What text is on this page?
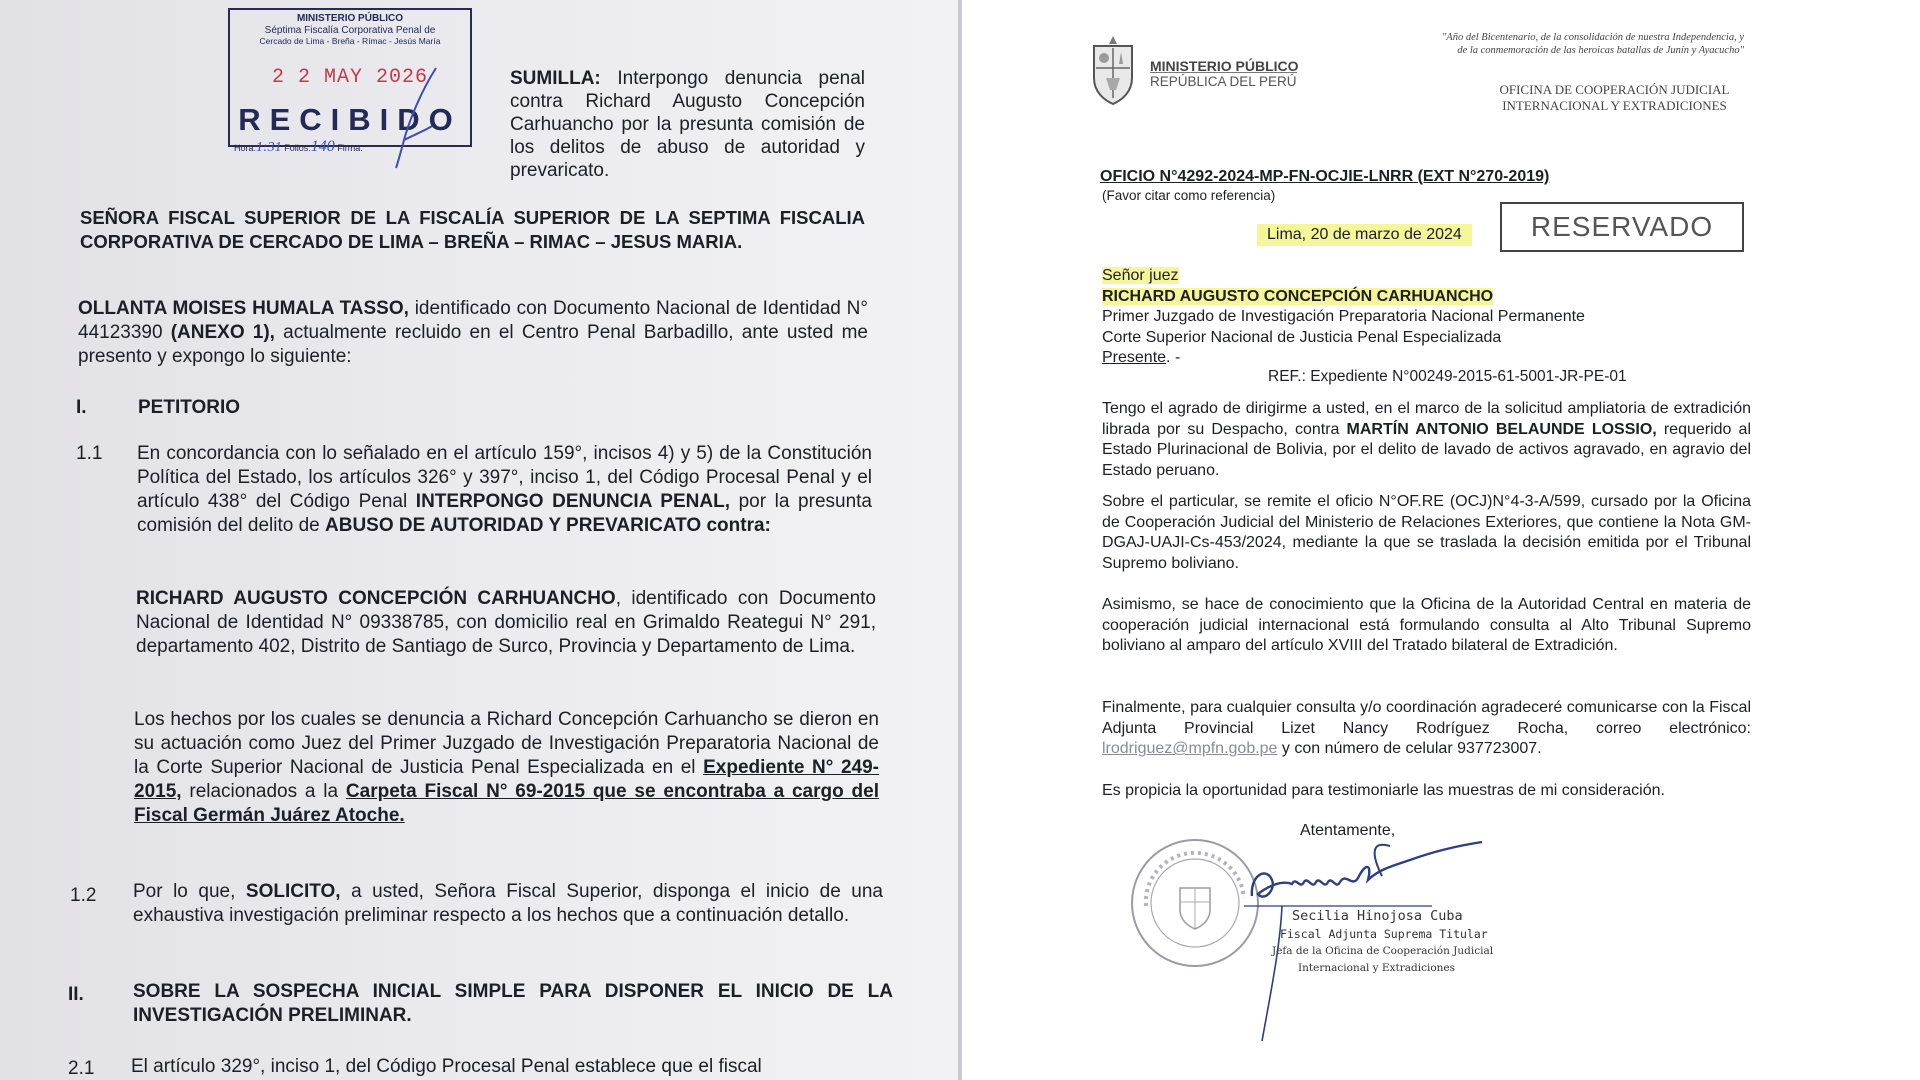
MINISTERIO PÚBLICO
Séptima Fiscalía Corporativa Penal de
Cercado de Lima - Breña - Rímac - Jesús María
2 2 MAY 2026
RECIBIDO
Hora:1:31 Folios:140 Firma:
SUMILLA: Interpongo denuncia penal contra Richard Augusto Concepción Carhuancho por la presunta comisión de los delitos de abuso de autoridad y prevaricato.
SEÑORA FISCAL SUPERIOR DE LA FISCALÍA SUPERIOR DE LA SEPTIMA FISCALIA CORPORATIVA DE CERCADO DE LIMA – BREÑA – RIMAC – JESUS MARIA.
OLLANTA MOISES HUMALA TASSO, identificado con Documento Nacional de Identidad N° 44123390 (ANEXO 1), actualmente recluido en el Centro Penal Barbadillo, ante usted me presento y expongo lo siguiente:
I.	PETITORIO
1.1 En concordancia con lo señalado en el artículo 159°, incisos 4) y 5) de la Constitución Política del Estado, los artículos 326° y 397°, inciso 1, del Código Procesal Penal y el artículo 438° del Código Penal INTERPONGO DENUNCIA PENAL, por la presunta comisión del delito de ABUSO DE AUTORIDAD Y PREVARICATO contra:
RICHARD AUGUSTO CONCEPCIÓN CARHUANCHO, identificado con Documento Nacional de Identidad N° 09338785, con domicilio real en Grimaldo Reategui N° 291, departamento 402, Distrito de Santiago de Surco, Provincia y Departamento de Lima.
Los hechos por los cuales se denuncia a Richard Concepción Carhuancho se dieron en su actuación como Juez del Primer Juzgado de Investigación Preparatoria Nacional de la Corte Superior Nacional de Justicia Penal Especializada en el Expediente N° 249-2015, relacionados a la Carpeta Fiscal N° 69-2015 que se encontraba a cargo del Fiscal Germán Juárez Atoche.
1.2 Por lo que, SOLICITO, a usted, Señora Fiscal Superior, disponga el inicio de una exhaustiva investigación preliminar respecto a los hechos que a continuación detallo.
II.	SOBRE LA SOSPECHA INICIAL SIMPLE PARA DISPONER EL INICIO DE LA INVESTIGACIÓN PRELIMINAR.
2.1 El artículo 329°, inciso 1, del Código Procesal Penal establece que el fiscal
MINISTERIO PÚBLICO
REPÚBLICA DEL PERÚ
"Año del Bicentenario, de la consolidación de nuestra Independencia, y de la conmemoración de las heroicas batallas de Junín y Ayacucho"
OFICINA DE COOPERACIÓN JUDICIAL
INTERNACIONAL Y EXTRADICIONES
OFICIO N°4292-2024-MP-FN-OCJIE-LNRR (EXT N°270-2019)
(Favor citar como referencia)
Lima, 20 de marzo de 2024	RESERVADO
Señor juez
RICHARD AUGUSTO CONCEPCIÓN CARHUANCHO
Primer Juzgado de Investigación Preparatoria Nacional Permanente
Corte Superior Nacional de Justicia Penal Especializada
Presente. -
REF.: Expediente N°00249-2015-61-5001-JR-PE-01
Tengo el agrado de dirigirme a usted, en el marco de la solicitud ampliatoria de extradición librada por su Despacho, contra MARTÍN ANTONIO BELAUNDE LOSSIO, requerido al Estado Plurinacional de Bolivia, por el delito de lavado de activos agravado, en agravio del Estado peruano.
Sobre el particular, se remite el oficio N°OF.RE (OCJ)N°4-3-A/599, cursado por la Oficina de Cooperación Judicial del Ministerio de Relaciones Exteriores, que contiene la Nota GM-DGAJ-UAJI-Cs-453/2024, mediante la que se traslada la decisión emitida por el Tribunal Supremo boliviano.
Asimismo, se hace de conocimiento que la Oficina de la Autoridad Central en materia de cooperación judicial internacional está formulando consulta al Alto Tribunal Supremo boliviano al amparo del artículo XVIII del Tratado bilateral de Extradición.
Finalmente, para cualquier consulta y/o coordinación agradeceré comunicarse con la Fiscal Adjunta Provincial Lizet Nancy Rodríguez Rocha, correo electrónico: lrodriguez@mpfn.gob.pe y con número de celular 937723007.
Es propicia la oportunidad para testimoniarle las muestras de mi consideración.
Atentamente,
Secilia Hinojosa Cuba
Fiscal Adjunta Suprema Titular
Jefa de la Oficina de Cooperación Judicial
Internacional y Extradiciones
